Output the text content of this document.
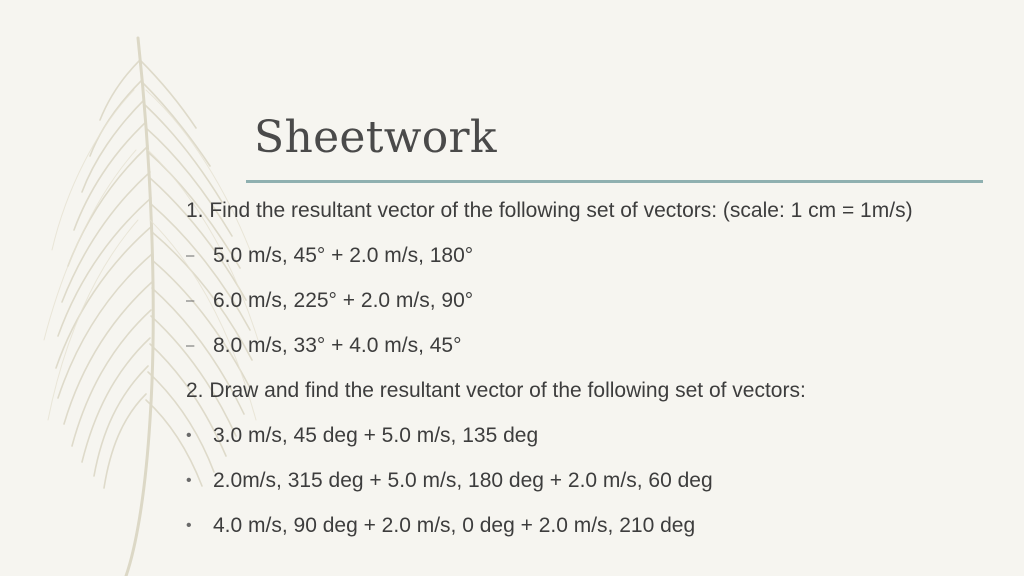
Sheetwork

1. Find the resultant vector of the following set of vectors: (scale: 1 cm = 1m/s)

– 5.0 m/s, 45° + 2.0 m/s, 180°
– 6.0 m/s, 225° + 2.0 m/s, 90°
– 8.0 m/s, 33° + 4.0 m/s, 45°

2. Draw and find the resultant vector of the following set of vectors:

•	3.0 m/s, 45 deg + 5.0 m/s, 135 deg
•	2.0m/s, 315 deg + 5.0 m/s, 180 deg + 2.0 m/s, 60 deg
•	4.0 m/s, 90 deg + 2.0 m/s, 0 deg + 2.0 m/s, 210 deg
